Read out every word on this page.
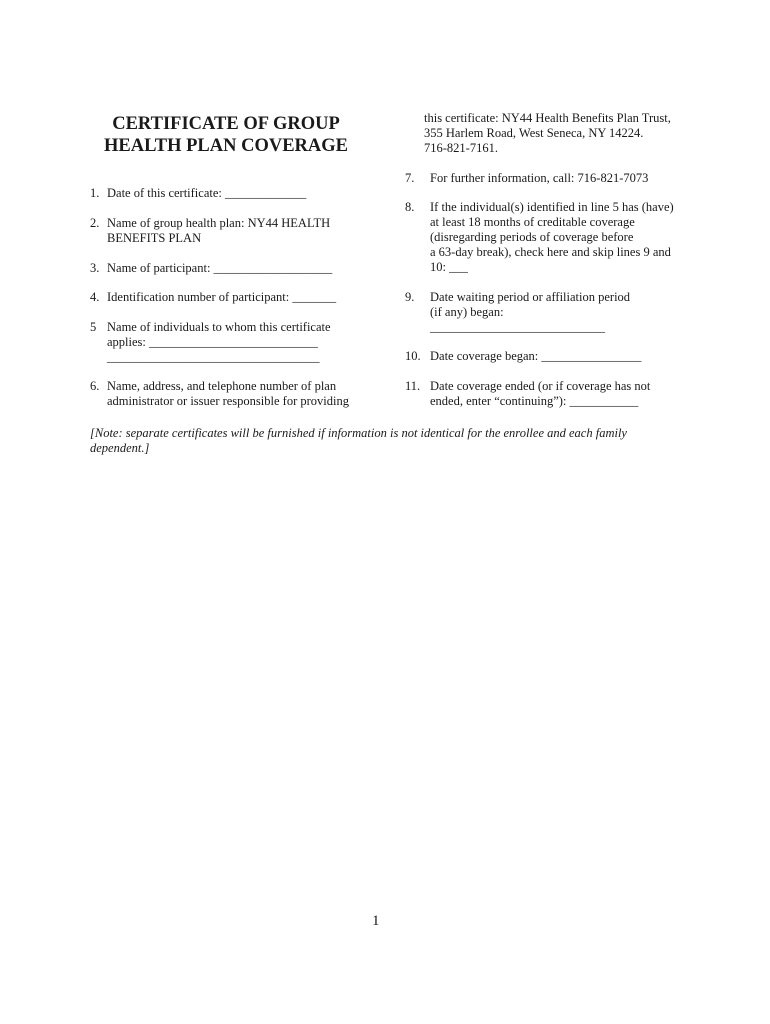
CERTIFICATE OF GROUP
HEALTH PLAN COVERAGE
1. Date of this certificate: _____________
2. Name of group health plan: NY44 HEALTH
BENEFITS PLAN
3. Name of participant: ___________________
4. Identification number of participant: _______
5 Name of individuals to whom this certificate
applies: ___________________________
__________________________________
6. Name, address, and telephone number of plan
administrator or issuer responsible for providing
this certificate: NY44 Health Benefits Plan Trust,
355 Harlem Road, West Seneca, NY 14224.
716-821-7161.
7. For further information, call: 716-821-7073
8. If the individual(s) identified in line 5 has (have)
at least 18 months of creditable coverage
(disregarding periods of coverage before
a 63-day break), check here and skip lines 9 and
10: ___
9. Date waiting period or affiliation period
(if any) began:
____________________________
10. Date coverage began: ________________
11. Date coverage ended (or if coverage has not
ended, enter “continuing”): ___________
[Note: separate certificates will be furnished if information is not identical for the enrollee and each family
dependent.]
1
